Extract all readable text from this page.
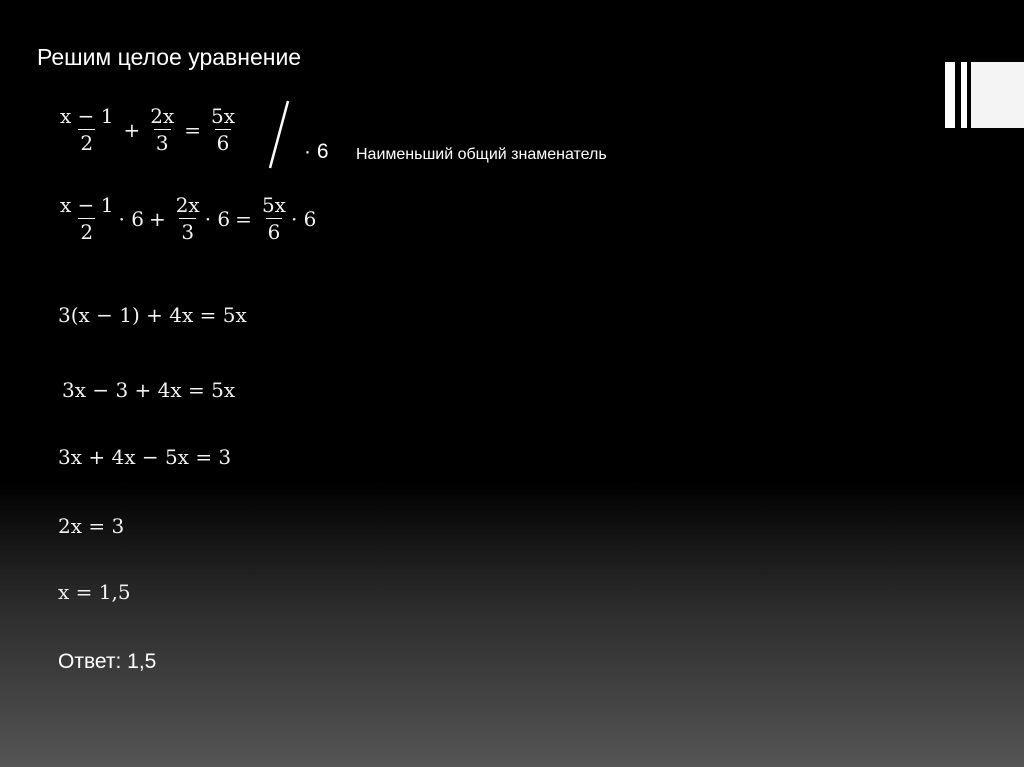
Решим целое уравнение
$\frac{x - 1}{2} + \frac{2x}{3} = \frac{5x}{6}$	· 6 Наименьший общий знаменатель
$\frac{x - 1}{2} \cdot 6 + \frac{2x}{3} \cdot 6 = \frac{5x}{6} \cdot 6$
3(x − 1) + 4x = 5x
3x − 3 + 4x = 5x
3x + 4x − 5x = 3
2x = 3
x = 1,5
Ответ: 1,5
